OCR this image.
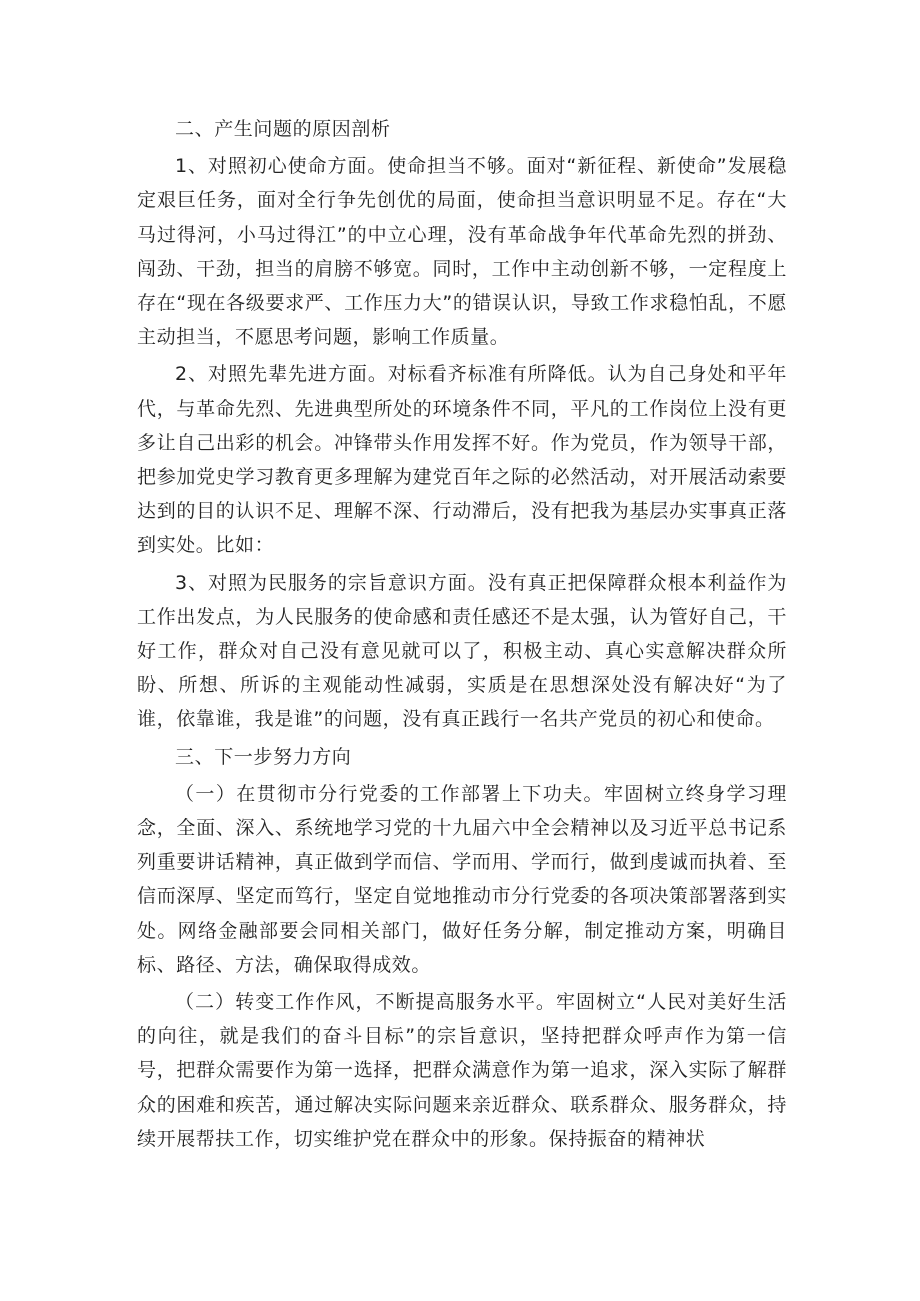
二、产生问题的原因剖析

1、对照初心使命方面。使命担当不够。面对“新征程、新使命”发展稳定艰巨任务，面对全行争先创优的局面，使命担当意识明显不足。存在“大马过得河，小马过得江”的中立心理，没有革命战争年代革命先烈的拼劲、闯劲、干劲，担当的肩膀不够宽。同时，工作中主动创新不够，一定程度上存在“现在各级要求严、工作压力大”的错误认识，导致工作求稳怕乱，不愿主动担当，不愿思考问题，影响工作质量。

2、对照先辈先进方面。对标看齐标准有所降低。认为自己身处和平年代，与革命先烈、先进典型所处的环境条件不同，平凡的工作岗位上没有更多让自己出彩的机会。冲锋带头作用发挥不好。作为党员，作为领导干部，把参加党史学习教育更多理解为建党百年之际的必然活动，对开展活动索要达到的目的认识不足、理解不深、行动滞后，没有把我为基层办实事真正落到实处。比如：

3、对照为民服务的宗旨意识方面。没有真正把保障群众根本利益作为工作出发点，为人民服务的使命感和责任感还不是太强，认为管好自己，干好工作，群众对自己没有意见就可以了，积极主动、真心实意解决群众所盼、所想、所诉的主观能动性减弱，实质是在思想深处没有解决好“为了谁，依靠谁，我是谁”的问题，没有真正践行一名共产党员的初心和使命。

三、下一步努力方向

（一）在贯彻市分行党委的工作部署上下功夫。牢固树立终身学习理念，全面、深入、系统地学习党的十九届六中全会精神以及习近平总书记系列重要讲话精神，真正做到学而信、学而用、学而行，做到虔诚而执着、至信而深厚、坚定而笃行，坚定自觉地推动市分行党委的各项决策部署落到实处。网络金融部要会同相关部门，做好任务分解，制定推动方案，明确目标、路径、方法，确保取得成效。

（二）转变工作作风，不断提高服务水平。牢固树立“人民对美好生活的向往，就是我们的奋斗目标”的宗旨意识，坚持把群众呼声作为第一信号，把群众需要作为第一选择，把群众满意作为第一追求，深入实际了解群众的困难和疾苦，通过解决实际问题来亲近群众、联系群众、服务群众，持续开展帮扶工作，切实维护党在群众中的形象。保持振奋的精神状
